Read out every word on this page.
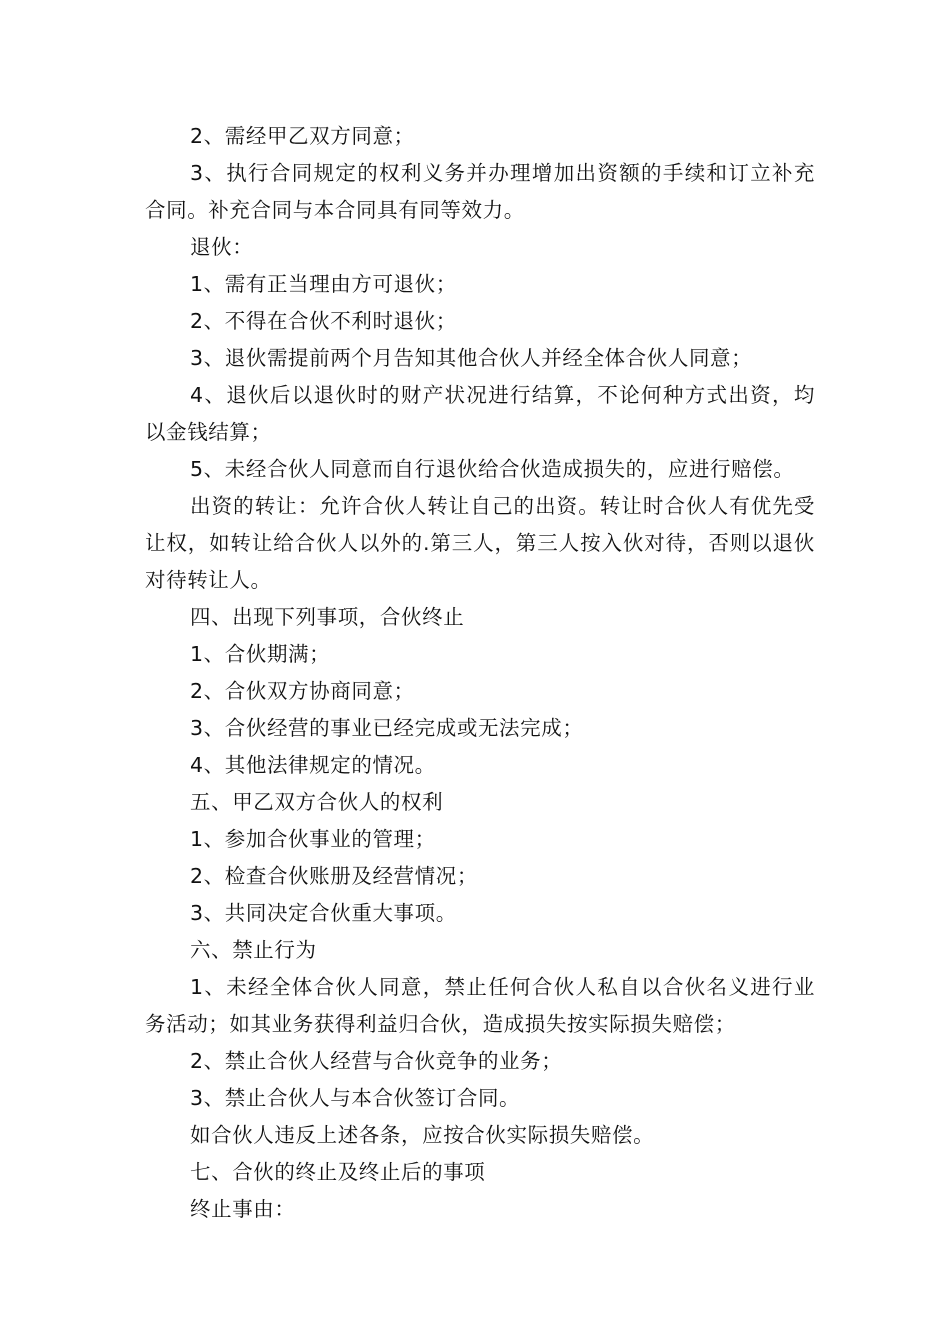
2、需经甲乙双方同意；

3、执行合同规定的权利义务并办理增加出资额的手续和订立补充合同。补充合同与本合同具有同等效力。

退伙：

1、需有正当理由方可退伙；

2、不得在合伙不利时退伙；

3、退伙需提前两个月告知其他合伙人并经全体合伙人同意；

4、退伙后以退伙时的财产状况进行结算，不论何种方式出资，均以金钱结算；

5、未经合伙人同意而自行退伙给合伙造成损失的，应进行赔偿。

出资的转让：允许合伙人转让自己的出资。转让时合伙人有优先受让权，如转让给合伙人以外的.第三人，第三人按入伙对待，否则以退伙对待转让人。

四、出现下列事项，合伙终止

1、合伙期满；

2、合伙双方协商同意；

3、合伙经营的事业已经完成或无法完成；

4、其他法律规定的情况。

五、甲乙双方合伙人的权利

1、参加合伙事业的管理；

2、检查合伙账册及经营情况；

3、共同决定合伙重大事项。

六、禁止行为

1、未经全体合伙人同意，禁止任何合伙人私自以合伙名义进行业务活动；如其业务获得利益归合伙，造成损失按实际损失赔偿；

2、禁止合伙人经营与合伙竞争的业务；

3、禁止合伙人与本合伙签订合同。

如合伙人违反上述各条，应按合伙实际损失赔偿。

七、合伙的终止及终止后的事项

终止事由：
